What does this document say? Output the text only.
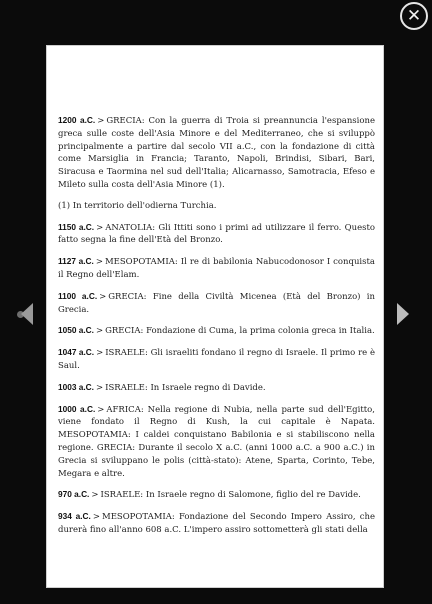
✕

1200 a.C. > GRECIA: Con la guerra di Troia si preannuncia l'espansione greca sulle coste dell'Asia Minore e del Mediterraneo, che si sviluppò principalmente a partire dal secolo VII a.C., con la fondazione di città come Marsiglia in Francia; Taranto, Napoli, Brindisi, Sibari, Bari, Siracusa e Taormina nel sud dell'Italia; Alicarnasso, Samotracia, Efeso e Mileto sulla costa dell'Asia Minore (1).

(1) In territorio dell'odierna Turchia.

1150 a.C. > ANATOLIA: Gli Ittiti sono i primi ad utilizzare il ferro. Questo fatto segna la fine dell'Età del Bronzo.

1127 a.C. > MESOPOTAMIA: Il re di babilonia Nabucodonosor I conquista il Regno dell'Elam.

1100 a.C. > GRECIA: Fine della Civiltà Micenea (Età del Bronzo) in Grecia.

1050 a.C. > GRECIA: Fondazione di Cuma, la prima colonia greca in Italia.

1047 a.C. > ISRAELE: Gli israeliti fondano il regno di Israele. Il primo re è Saul.

1003 a.C. > ISRAELE: In Israele regno di Davide.

1000 a.C. > AFRICA: Nella regione di Nubia, nella parte sud dell'Egitto, viene fondato il Regno di Kush, la cui capitale è Napata. MESOPOTAMIA: I caldei conquistano Babilonia e si stabiliscono nella regione. GRECIA: Durante il secolo X a.C. (anni 1000 a.C. a 900 a.C.) in Grecia si sviluppano le polis (città-stato): Atene, Sparta, Corinto, Tebe, Megara e altre.

970 a.C. > ISRAELE: In Israele regno di Salomone, figlio del re Davide.

934 a.C. > MESOPOTAMIA: Fondazione del Secondo Impero Assiro, che durerà fino all'anno 608 a.C. L'impero assiro sottometterà gli stati della
